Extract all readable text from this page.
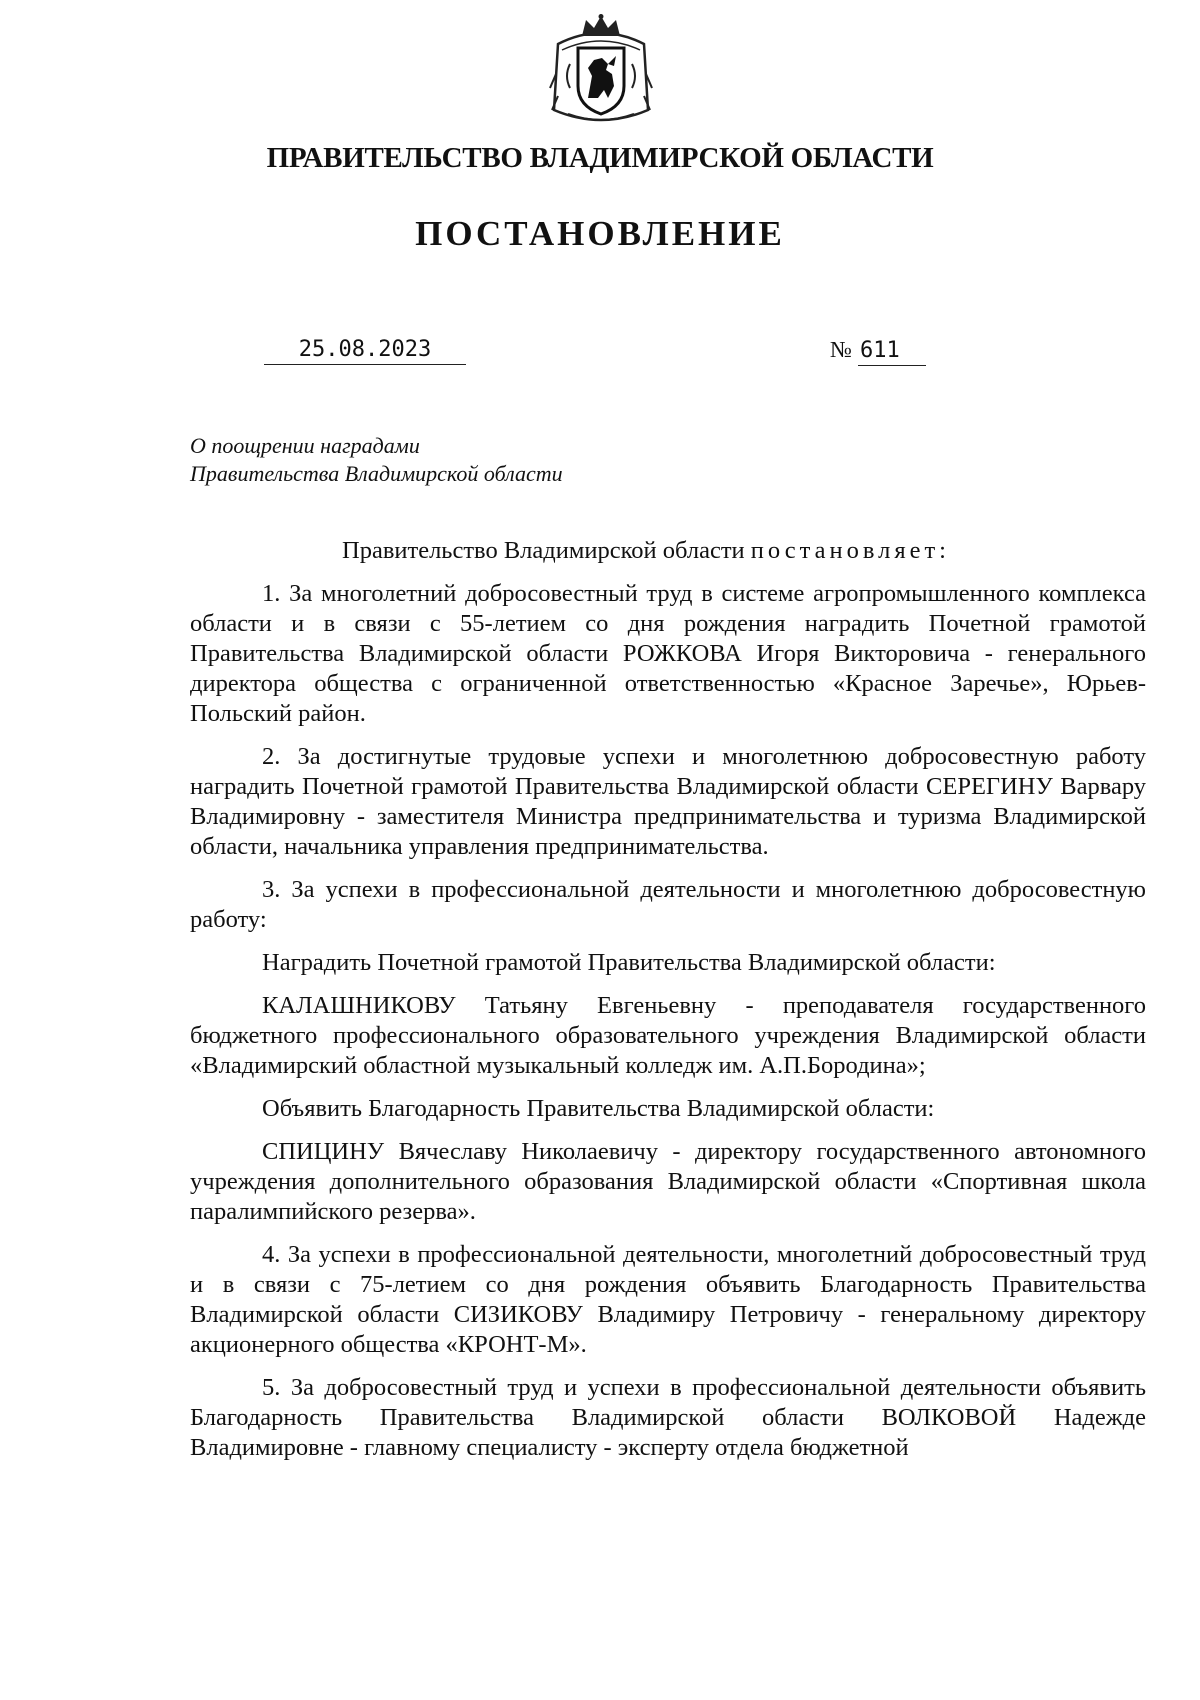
ПРАВИТЕЛЬСТВО ВЛАДИМИРСКОЙ ОБЛАСТИ
ПОСТАНОВЛЕНИЕ
25.08.2023	№ 611
О поощрении наградами
Правительства Владимирской области

Правительство Владимирской области постановляет:

1. За многолетний добросовестный труд в системе агропромышленного комплекса области и в связи с 55-летием со дня рождения наградить Почетной грамотой Правительства Владимирской области РОЖКОВА Игоря Викторовича - генерального директора общества с ограниченной ответственностью «Красное Заречье», Юрьев-Польский район.

2. За достигнутые трудовые успехи и многолетнюю добросовестную работу наградить Почетной грамотой Правительства Владимирской области СЕРЕГИНУ Варвару Владимировну - заместителя Министра предпринимательства и туризма Владимирской области, начальника управления предпринимательства.

3. За успехи в профессиональной деятельности и многолетнюю добросовестную работу:

Наградить Почетной грамотой Правительства Владимирской области:

КАЛАШНИКОВУ Татьяну Евгеньевну - преподавателя государственного бюджетного профессионального образовательного учреждения Владимирской области «Владимирский областной музыкальный колледж им. А.П.Бородина»;

Объявить Благодарность Правительства Владимирской области:

СПИЦИНУ Вячеславу Николаевичу - директору государственного автономного учреждения дополнительного образования Владимирской области «Спортивная школа паралимпийского резерва».

4. За успехи в профессиональной деятельности, многолетний добросовестный труд и в связи с 75-летием со дня рождения объявить Благодарность Правительства Владимирской области СИЗИКОВУ Владимиру Петровичу - генеральному директору акционерного общества «КРОНТ-М».

5. За добросовестный труд и успехи в профессиональной деятельности объявить Благодарность Правительства Владимирской области ВОЛКОВОЙ Надежде Владимировне - главному специалисту - эксперту отдела бюджетной
